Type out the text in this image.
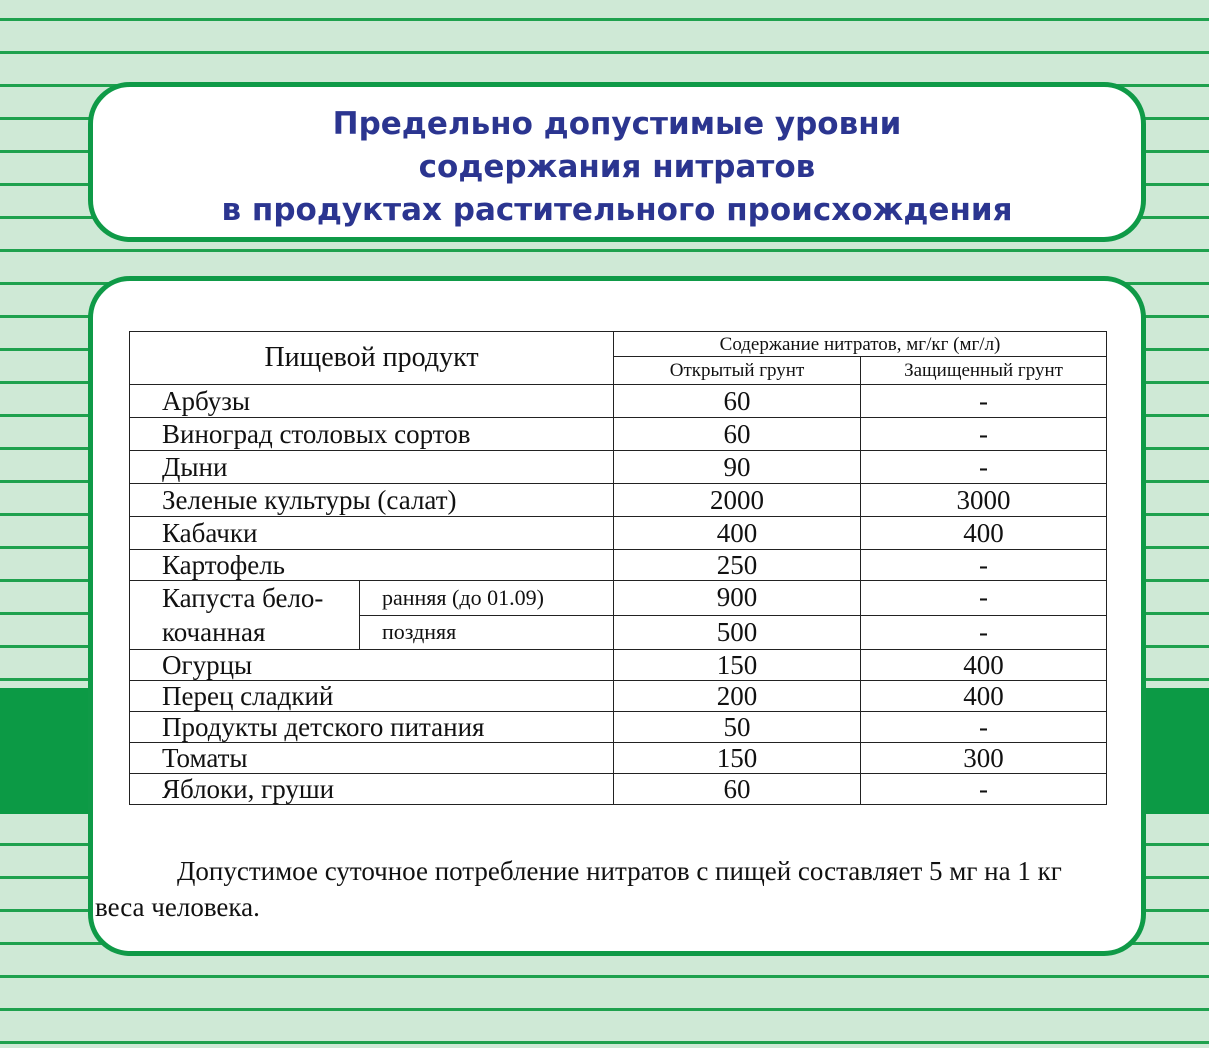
Предельно допустимые уровни
содержания нитратов
в продуктах растительного происхождения
Пищевой продукт		Содержание нитратов, мг/кг (мг/л)	
		Открытый грунт	Защищенный грунт
Арбузы		60	-
Виноград столовых сортов		60	-
Дыни		90	-
Зеленые культуры (салат)		2000	3000
Кабачки		400	400
Картофель		250	-

Капуста бело-
кочанная	ранняя (до 01.09)	900	-
	поздняя	500	-
Огурцы		150	400
Перец сладкий		200	400
Продукты детского питания		50	-
Томаты		150	300
Яблоки, груши		60	-
Допустимое суточное потребление нитратов с пищей составляет 5 мг на 1 кг веса человека.
